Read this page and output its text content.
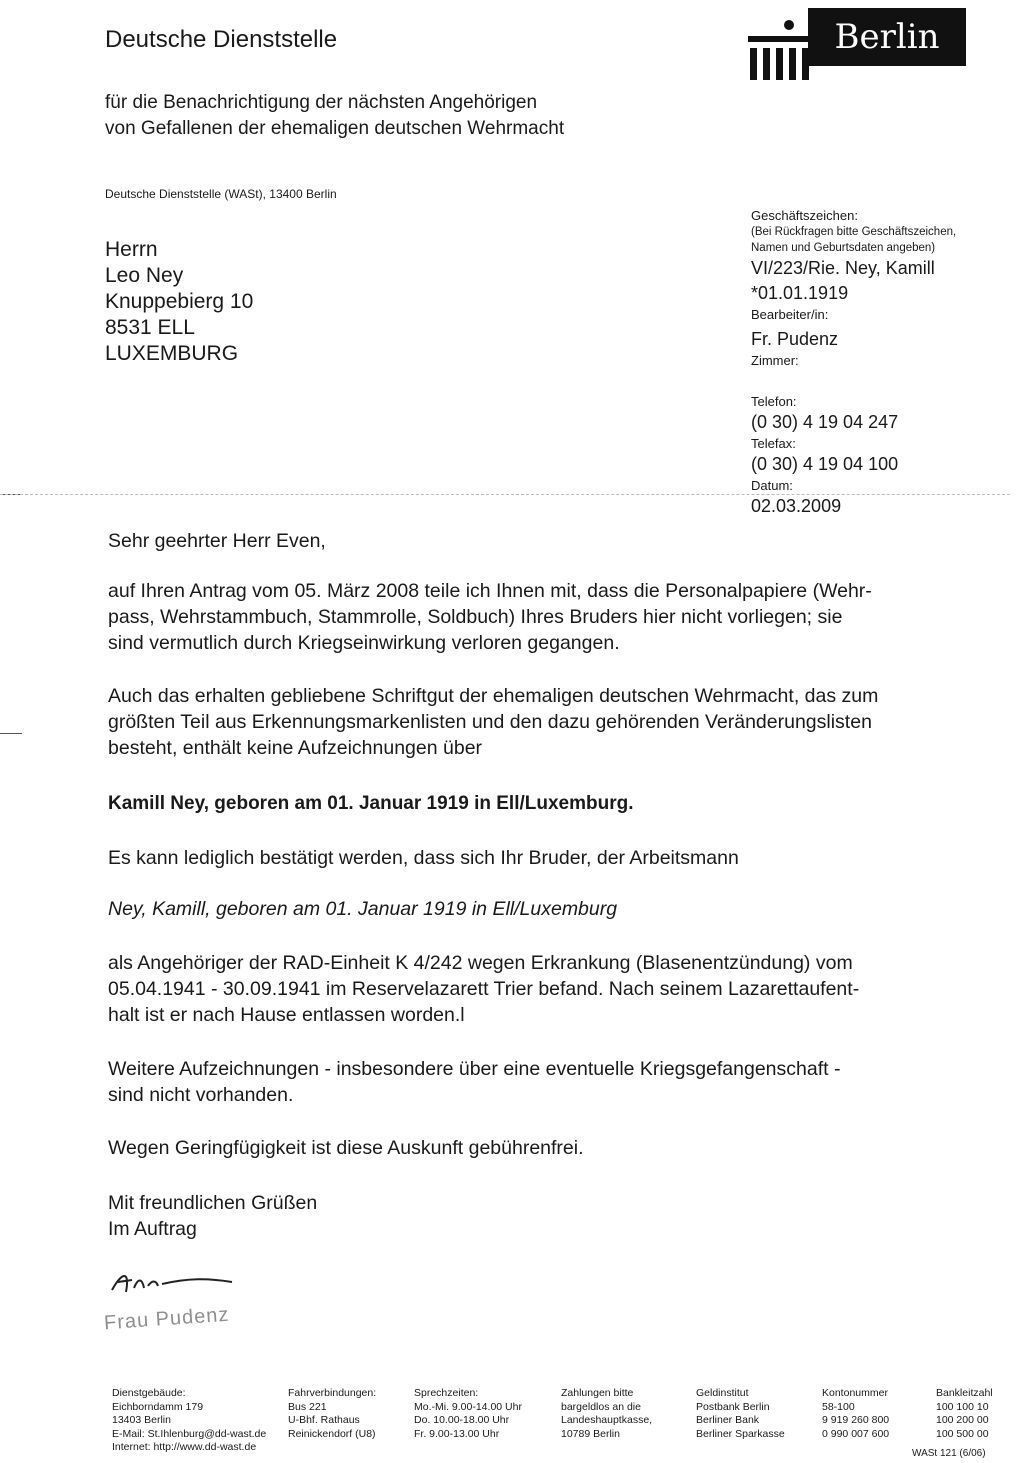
Deutsche Dienststelle
für die Benachrichtigung der nächsten Angehörigen
von Gefallenen der ehemaligen deutschen Wehrmacht
Berlin
Deutsche Dienststelle (WASt), 13400 Berlin
Herrn
Leo Ney
Knuppebierg 10
8531 ELL
LUXEMBURG
Geschäftszeichen:
(Bei Rückfragen bitte Geschäftszeichen,
Namen und Geburtsdaten angeben)
VI/223/Rie. Ney, Kamill
*01.01.1919
Bearbeiter/in:
Fr. Pudenz
Zimmer:
Telefon:
(0 30) 4 19 04 247
Telefax:
(0 30) 4 19 04 100
Datum:
02.03.2009
Sehr geehrter Herr Even,
auf Ihren Antrag vom 05. März 2008 teile ich Ihnen mit, dass die Personalpapiere (Wehr-
pass, Wehrstammbuch, Stammrolle, Soldbuch) Ihres Bruders hier nicht vorliegen; sie
sind vermutlich durch Kriegseinwirkung verloren gegangen.
Auch das erhalten gebliebene Schriftgut der ehemaligen deutschen Wehrmacht, das zum
größten Teil aus Erkennungsmarkenlisten und den dazu gehörenden Veränderungslisten
besteht, enthält keine Aufzeichnungen über
Kamill Ney, geboren am 01. Januar 1919 in Ell/Luxemburg.
Es kann lediglich bestätigt werden, dass sich Ihr Bruder, der Arbeitsmann
Ney, Kamill, geboren am 01. Januar 1919 in Ell/Luxemburg
als Angehöriger der RAD-Einheit K 4/242 wegen Erkrankung (Blasenentzündung) vom
05.04.1941 - 30.09.1941 im Reservelazarett Trier befand. Nach seinem Lazarettaufent-
halt ist er nach Hause entlassen worden.l
Weitere Aufzeichnungen - insbesondere über eine eventuelle Kriegsgefangenschaft -
sind nicht vorhanden.
Wegen Geringfügigkeit ist diese Auskunft gebührenfrei.
Mit freundlichen Grüßen
Im Auftrag
Frau Pudenz
Dienstgebäude:
Eichborndamm 179
13403 Berlin
E-Mail: St.Ihlenburg@dd-wast.de
Internet: http://www.dd-wast.de
Fahrverbindungen:
Bus 221
U-Bhf. Rathaus
Reinickendorf (U8)
Sprechzeiten:
Mo.-Mi. 9.00-14.00 Uhr
Do. 10.00-18.00 Uhr
Fr. 9.00-13.00 Uhr
Zahlungen bitte
bargeldlos an die
Landeshauptkasse,
10789 Berlin
Geldinstitut
Postbank Berlin
Berliner Bank
Berliner Sparkasse
Kontonummer
58-100
9 919 260 800
0 990 007 600
Bankleitzahl
100 100 10
100 200 00
100 500 00
WASt 121 (6/06)
